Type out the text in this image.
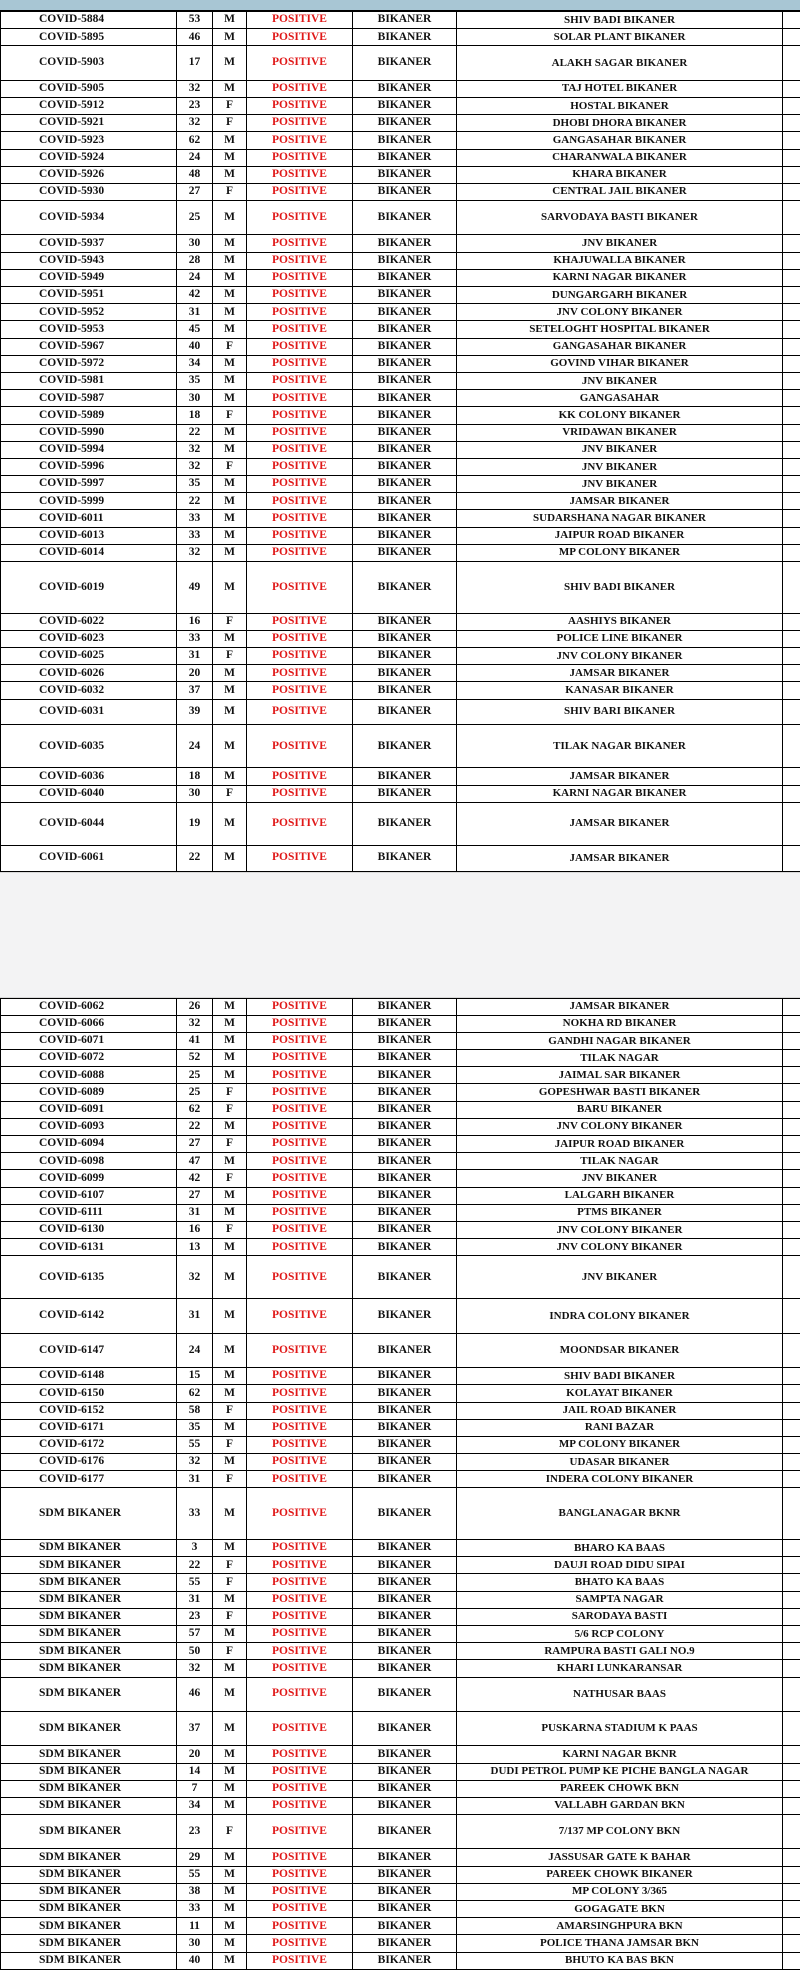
COVID-5884	53	M	POSITIVE	BIKANER	SHIV BADI BIKANER	
COVID-5895	46	M	POSITIVE	BIKANER	SOLAR PLANT BIKANER	
COVID-5903	17	M	POSITIVE	BIKANER	ALAKH SAGAR BIKANER	
COVID-5905	32	M	POSITIVE	BIKANER	TAJ HOTEL BIKANER	
COVID-5912	23	F	POSITIVE	BIKANER	HOSTAL BIKANER	
COVID-5921	32	F	POSITIVE	BIKANER	DHOBI DHORA BIKANER	
COVID-5923	62	M	POSITIVE	BIKANER	GANGASAHAR BIKANER	
COVID-5924	24	M	POSITIVE	BIKANER	CHARANWALA BIKANER	
COVID-5926	48	M	POSITIVE	BIKANER	KHARA BIKANER	
COVID-5930	27	F	POSITIVE	BIKANER	CENTRAL JAIL BIKANER	
COVID-5934	25	M	POSITIVE	BIKANER	SARVODAYA BASTI BIKANER	
COVID-5937	30	M	POSITIVE	BIKANER	JNV BIKANER	
COVID-5943	28	M	POSITIVE	BIKANER	KHAJUWALLA BIKANER	
COVID-5949	24	M	POSITIVE	BIKANER	KARNI NAGAR BIKANER	
COVID-5951	42	M	POSITIVE	BIKANER	DUNGARGARH BIKANER	
COVID-5952	31	M	POSITIVE	BIKANER	JNV COLONY BIKANER	
COVID-5953	45	M	POSITIVE	BIKANER	SETELOGHT HOSPITAL BIKANER	
COVID-5967	40	F	POSITIVE	BIKANER	GANGASAHAR BIKANER	
COVID-5972	34	M	POSITIVE	BIKANER	GOVIND VIHAR BIKANER	
COVID-5981	35	M	POSITIVE	BIKANER	JNV BIKANER	
COVID-5987	30	M	POSITIVE	BIKANER	GANGASAHAR	
COVID-5989	18	F	POSITIVE	BIKANER	KK COLONY BIKANER	
COVID-5990	22	M	POSITIVE	BIKANER	VRIDAWAN BIKANER	
COVID-5994	32	M	POSITIVE	BIKANER	JNV BIKANER	
COVID-5996	32	F	POSITIVE	BIKANER	JNV BIKANER	
COVID-5997	35	M	POSITIVE	BIKANER	JNV BIKANER	
COVID-5999	22	M	POSITIVE	BIKANER	JAMSAR BIKANER	
COVID-6011	33	M	POSITIVE	BIKANER	SUDARSHANA NAGAR BIKANER	
COVID-6013	33	M	POSITIVE	BIKANER	JAIPUR ROAD BIKANER	
COVID-6014	32	M	POSITIVE	BIKANER	MP COLONY BIKANER	
COVID-6019	49	M	POSITIVE	BIKANER	SHIV BADI BIKANER	
COVID-6022	16	F	POSITIVE	BIKANER	AASHIYS BIKANER	
COVID-6023	33	M	POSITIVE	BIKANER	POLICE LINE BIKANER	
COVID-6025	31	F	POSITIVE	BIKANER	JNV COLONY BIKANER	
COVID-6026	20	M	POSITIVE	BIKANER	JAMSAR BIKANER	
COVID-6032	37	M	POSITIVE	BIKANER	KANASAR BIKANER	
COVID-6031	39	M	POSITIVE	BIKANER	SHIV BARI BIKANER	
COVID-6035	24	M	POSITIVE	BIKANER	TILAK NAGAR BIKANER	
COVID-6036	18	M	POSITIVE	BIKANER	JAMSAR BIKANER	
COVID-6040	30	F	POSITIVE	BIKANER	KARNI NAGAR BIKANER	
COVID-6044	19	M	POSITIVE	BIKANER	JAMSAR BIKANER	
COVID-6061	22	M	POSITIVE	BIKANER	JAMSAR BIKANER	
COVID-6062	26	M	POSITIVE	BIKANER	JAMSAR BIKANER	
COVID-6066	32	M	POSITIVE	BIKANER	NOKHA RD BIKANER	
COVID-6071	41	M	POSITIVE	BIKANER	GANDHI NAGAR BIKANER	
COVID-6072	52	M	POSITIVE	BIKANER	TILAK NAGAR	
COVID-6088	25	M	POSITIVE	BIKANER	JAIMAL SAR BIKANER	
COVID-6089	25	F	POSITIVE	BIKANER	GOPESHWAR BASTI BIKANER	
COVID-6091	62	F	POSITIVE	BIKANER	BARU BIKANER	
COVID-6093	22	M	POSITIVE	BIKANER	JNV COLONY BIKANER	
COVID-6094	27	F	POSITIVE	BIKANER	JAIPUR ROAD BIKANER	
COVID-6098	47	M	POSITIVE	BIKANER	TILAK NAGAR	
COVID-6099	42	F	POSITIVE	BIKANER	JNV BIKANER	
COVID-6107	27	M	POSITIVE	BIKANER	LALGARH BIKANER	
COVID-6111	31	M	POSITIVE	BIKANER	PTMS BIKANER	
COVID-6130	16	F	POSITIVE	BIKANER	JNV COLONY BIKANER	
COVID-6131	13	M	POSITIVE	BIKANER	JNV COLONY BIKANER	
COVID-6135	32	M	POSITIVE	BIKANER	JNV BIKANER	
COVID-6142	31	M	POSITIVE	BIKANER	INDRA COLONY BIKANER	
COVID-6147	24	M	POSITIVE	BIKANER	MOONDSAR BIKANER	
COVID-6148	15	M	POSITIVE	BIKANER	SHIV BADI BIKANER	
COVID-6150	62	M	POSITIVE	BIKANER	KOLAYAT BIKANER	
COVID-6152	58	F	POSITIVE	BIKANER	JAIL ROAD BIKANER	
COVID-6171	35	M	POSITIVE	BIKANER	RANI BAZAR	
COVID-6172	55	F	POSITIVE	BIKANER	MP COLONY BIKANER	
COVID-6176	32	M	POSITIVE	BIKANER	UDASAR BIKANER	
COVID-6177	31	F	POSITIVE	BIKANER	INDERA COLONY BIKANER	
SDM BIKANER	33	M	POSITIVE	BIKANER	BANGLANAGAR BKNR	
SDM BIKANER	3	M	POSITIVE	BIKANER	BHARO KA BAAS	
SDM BIKANER	22	F	POSITIVE	BIKANER	DAUJI ROAD DIDU SIPAI	
SDM BIKANER	55	F	POSITIVE	BIKANER	BHATO KA BAAS	
SDM BIKANER	31	M	POSITIVE	BIKANER	SAMPTA NAGAR	
SDM BIKANER	23	F	POSITIVE	BIKANER	SARODAYA BASTI	
SDM BIKANER	57	M	POSITIVE	BIKANER	5/6 RCP COLONY	
SDM BIKANER	50	F	POSITIVE	BIKANER	RAMPURA BASTI GALI NO.9	
SDM BIKANER	32	M	POSITIVE	BIKANER	KHARI LUNKARANSAR	
SDM BIKANER	46	M	POSITIVE	BIKANER	NATHUSAR BAAS	
SDM BIKANER	37	M	POSITIVE	BIKANER	PUSKARNA STADIUM K PAAS	
SDM BIKANER	20	M	POSITIVE	BIKANER	KARNI NAGAR BKNR	
SDM BIKANER	14	M	POSITIVE	BIKANER	DUDI PETROL PUMP KE PICHE BANGLA NAGAR	
SDM BIKANER	7	M	POSITIVE	BIKANER	PAREEK CHOWK BKN	
SDM BIKANER	34	M	POSITIVE	BIKANER	VALLABH GARDAN BKN	
SDM BIKANER	23	F	POSITIVE	BIKANER	7/137 MP COLONY BKN	
SDM BIKANER	29	M	POSITIVE	BIKANER	JASSUSAR GATE K BAHAR	
SDM BIKANER	55	M	POSITIVE	BIKANER	PAREEK CHOWK BIKANER	
SDM BIKANER	38	M	POSITIVE	BIKANER	MP COLONY 3/365	
SDM BIKANER	33	M	POSITIVE	BIKANER	GOGAGATE BKN	
SDM BIKANER	11	M	POSITIVE	BIKANER	AMARSINGHPURA BKN	
SDM BIKANER	30	M	POSITIVE	BIKANER	POLICE THANA JAMSAR BKN	
SDM BIKANER	40	M	POSITIVE	BIKANER	BHUTO KA BAS BKN	
